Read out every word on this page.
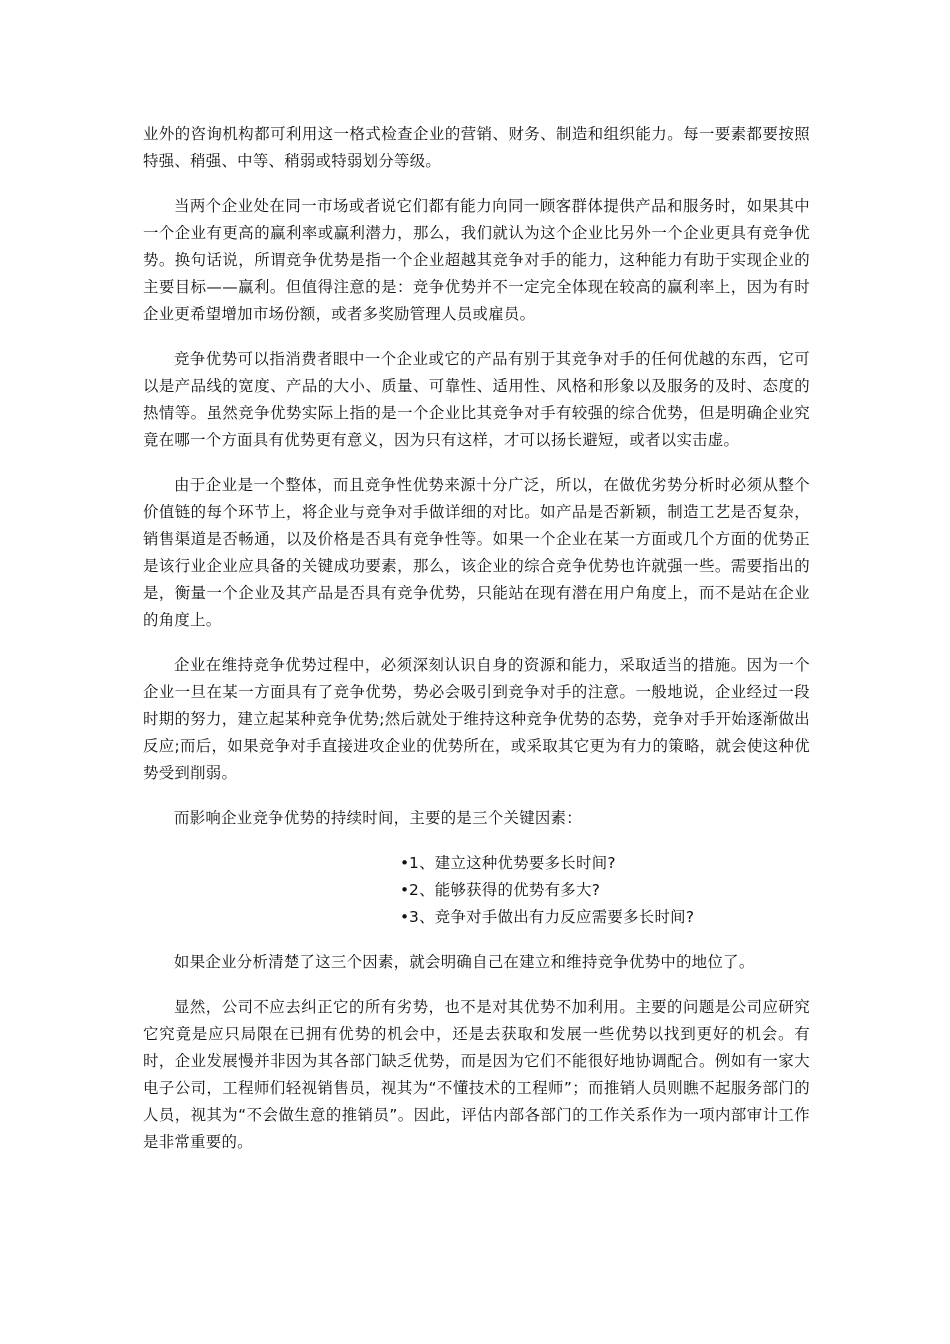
业外的咨询机构都可利用这一格式检查企业的营销、财务、制造和组织能力。每一要素都要按照特强、稍强、中等、稍弱或特弱划分等级。

当两个企业处在同一市场或者说它们都有能力向同一顾客群体提供产品和服务时，如果其中一个企业有更高的赢利率或赢利潜力，那么，我们就认为这个企业比另外一个企业更具有竞争优势。换句话说，所谓竞争优势是指一个企业超越其竞争对手的能力，这种能力有助于实现企业的主要目标——赢利。但值得注意的是：竞争优势并不一定完全体现在较高的赢利率上，因为有时企业更希望增加市场份额，或者多奖励管理人员或雇员。

竞争优势可以指消费者眼中一个企业或它的产品有别于其竞争对手的任何优越的东西，它可以是产品线的宽度、产品的大小、质量、可靠性、适用性、风格和形象以及服务的及时、态度的热情等。虽然竞争优势实际上指的是一个企业比其竞争对手有较强的综合优势，但是明确企业究竟在哪一个方面具有优势更有意义，因为只有这样，才可以扬长避短，或者以实击虚。

由于企业是一个整体，而且竞争性优势来源十分广泛，所以，在做优劣势分析时必须从整个价值链的每个环节上，将企业与竞争对手做详细的对比。如产品是否新颖，制造工艺是否复杂，销售渠道是否畅通，以及价格是否具有竞争性等。如果一个企业在某一方面或几个方面的优势正是该行业企业应具备的关键成功要素，那么，该企业的综合竞争优势也许就强一些。需要指出的是，衡量一个企业及其产品是否具有竞争优势，只能站在现有潜在用户角度上，而不是站在企业的角度上。

企业在维持竞争优势过程中，必须深刻认识自身的资源和能力，采取适当的措施。因为一个企业一旦在某一方面具有了竞争优势，势必会吸引到竞争对手的注意。一般地说，企业经过一段时期的努力，建立起某种竞争优势;然后就处于维持这种竞争优势的态势，竞争对手开始逐渐做出反应;而后，如果竞争对手直接进攻企业的优势所在，或采取其它更为有力的策略，就会使这种优势受到削弱。

而影响企业竞争优势的持续时间，主要的是三个关键因素：

•1、建立这种优势要多长时间?
•2、能够获得的优势有多大?
•3、竞争对手做出有力反应需要多长时间?

如果企业分析清楚了这三个因素，就会明确自己在建立和维持竞争优势中的地位了。

显然，公司不应去纠正它的所有劣势，也不是对其优势不加利用。主要的问题是公司应研究它究竟是应只局限在已拥有优势的机会中，还是去获取和发展一些优势以找到更好的机会。有时，企业发展慢并非因为其各部门缺乏优势，而是因为它们不能很好地协调配合。例如有一家大电子公司，工程师们轻视销售员，视其为“不懂技术的工程师”；而推销人员则瞧不起服务部门的人员，视其为“不会做生意的推销员”。因此，评估内部各部门的工作关系作为一项内部审计工作是非常重要的。
